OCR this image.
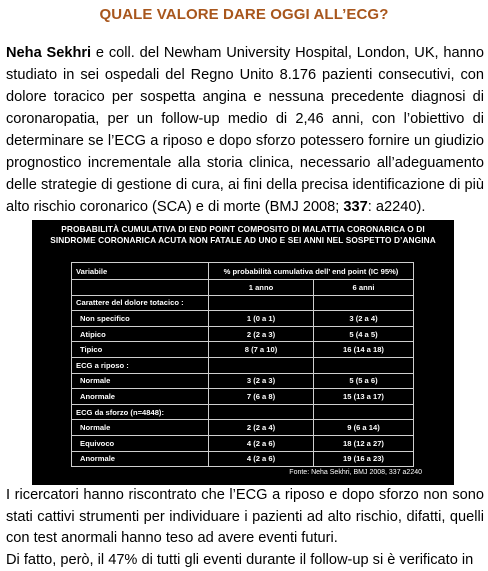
QUALE VALORE DARE OGGI ALL’ECG?
Neha Sekhri e coll. del Newham University Hospital, London, UK, hanno studiato in sei ospedali del Regno Unito 8.176 pazienti consecutivi, con dolore toracico per sospetta angina e nessuna precedente diagnosi di coronaropatia, per un follow-up medio di 2,46 anni, con l’obiettivo di determinare se l’ECG a riposo e dopo sforzo potessero fornire un giudizio prognostico incrementale alla storia clinica, necessario all’adeguamento delle strategie di gestione di cura, ai fini della precisa identificazione di più alto rischio coronarico (SCA) e di morte (BMJ 2008; 337: a2240).
PROBABILITÀ CUMULATIVA DI END POINT COMPOSITO DI MALATTIA CORONARICA O DI
SINDROME CORONARICA ACUTA NON FATALE AD UNO E SEI ANNI NEL SOSPETTO D’ANGINA
Variabile	% probabilità cumulativa dell’ end point (IC 95%)	
	1 anno	6 anni
Carattere del dolore totacico :		
Non specifico	1 (0 a 1)	3 (2 a 4)
Atipico	2 (2 a 3)	5 (4 a 5)
Tipico	8 (7 a 10)	16 (14 a 18)
ECG a riposo :		
Normale	3 (2 a 3)	5 (5 a 6)
Anormale	7 (6 a 8)	15 (13 a 17)
ECG da sforzo (n=4848):		
Normale	2 (2 a 4)	9 (6 a 14)
Equivoco	4 (2 a 6)	18 (12 a 27)
Anormale	4 (2 a 6)	19 (16 a 23)
Fonte: Neha Sekhri, BMJ 2008, 337 a2240

I ricercatori hanno riscontrato che l’ECG a riposo e dopo sforzo non sono stati cattivi strumenti per individuare i pazienti ad alto rischio, difatti, quelli con test anormali hanno teso ad avere eventi futuri.

Di fatto, però, il 47% di tutti gli eventi durante il follow-up si è verificato in
